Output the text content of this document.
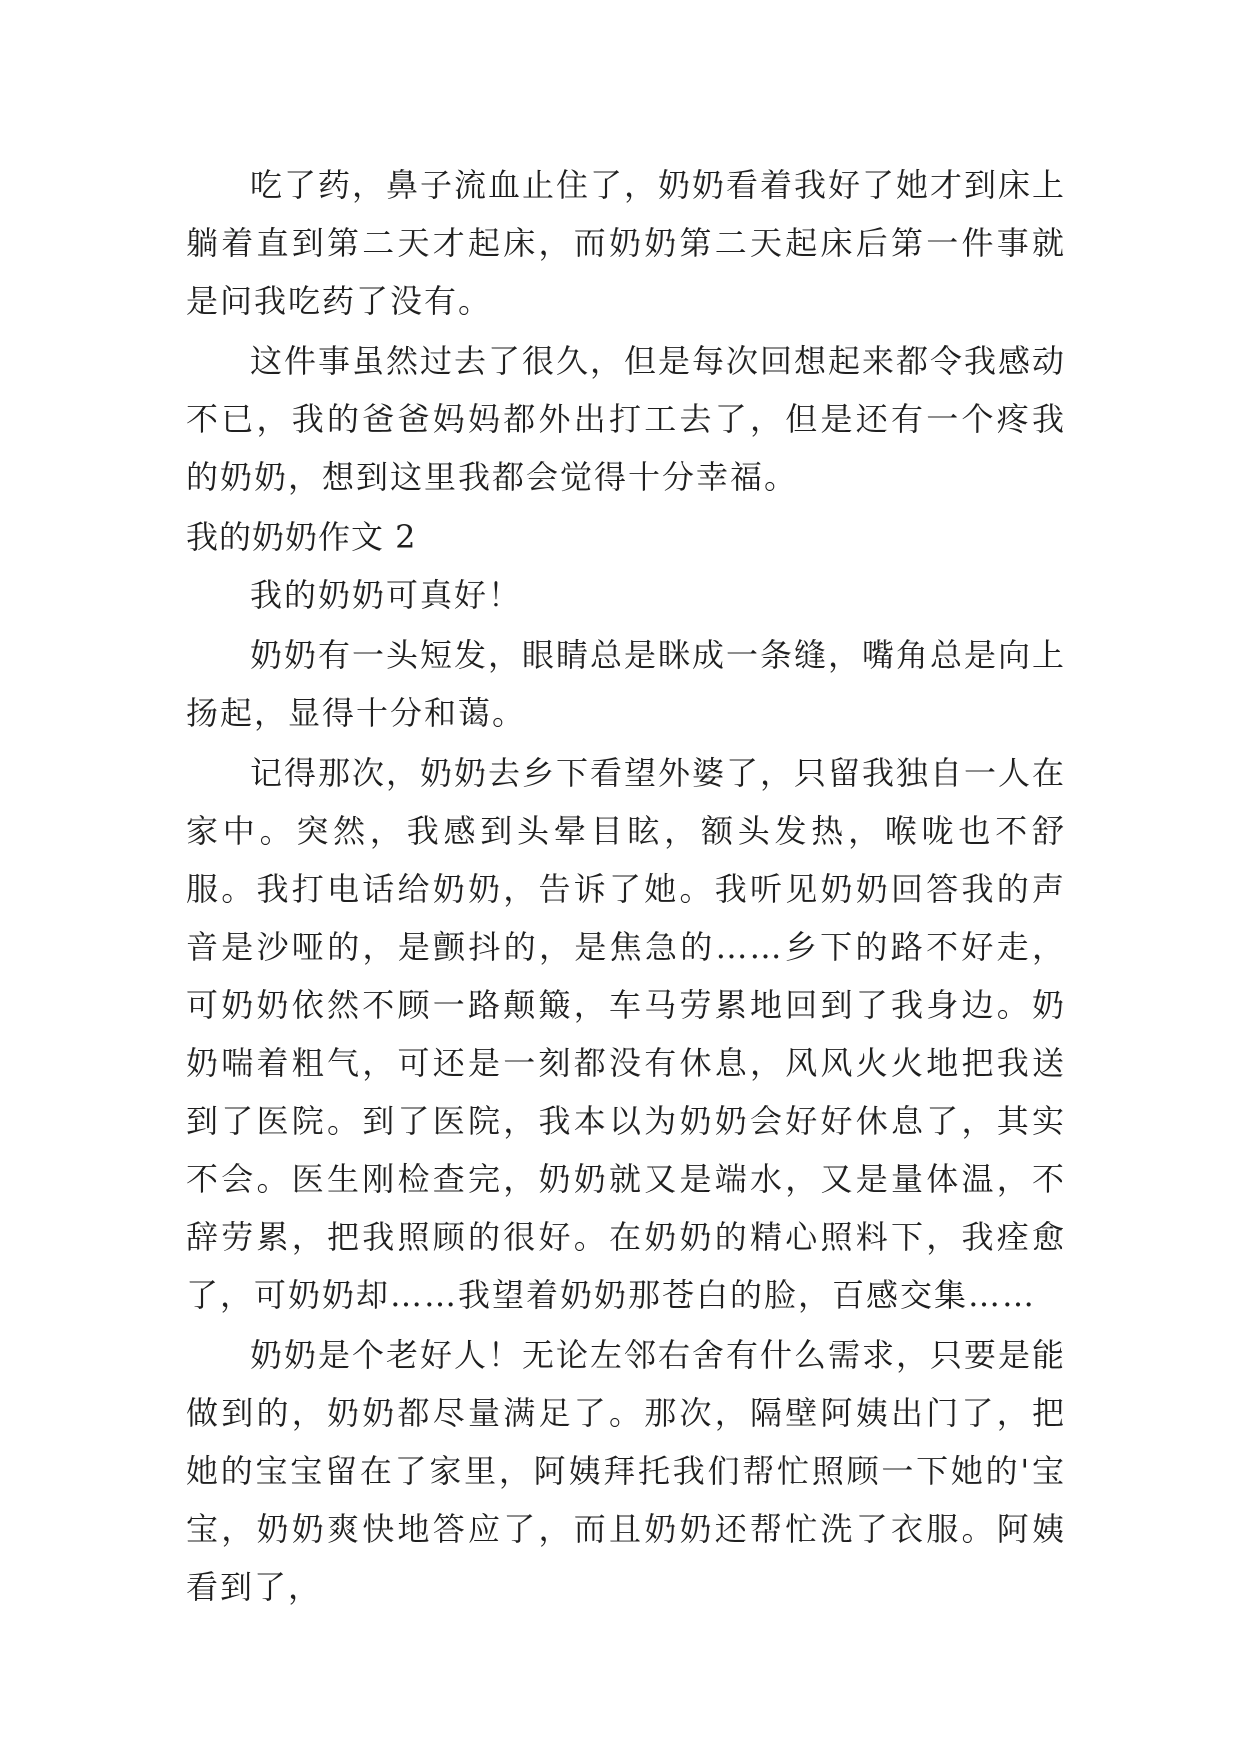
吃了药，鼻子流血止住了，奶奶看着我好了她才到床上躺着直到第二天才起床，而奶奶第二天起床后第一件事就是问我吃药了没有。

这件事虽然过去了很久，但是每次回想起来都令我感动不已，我的爸爸妈妈都外出打工去了，但是还有一个疼我的奶奶，想到这里我都会觉得十分幸福。

我的奶奶作文 2

我的奶奶可真好！

奶奶有一头短发，眼睛总是眯成一条缝，嘴角总是向上扬起，显得十分和蔼。

记得那次，奶奶去乡下看望外婆了，只留我独自一人在家中。突然，我感到头晕目眩，额头发热，喉咙也不舒服。我打电话给奶奶，告诉了她。我听见奶奶回答我的声音是沙哑的，是颤抖的，是焦急的……乡下的路不好走，可奶奶依然不顾一路颠簸，车马劳累地回到了我身边。奶奶喘着粗气，可还是一刻都没有休息，风风火火地把我送到了医院。到了医院，我本以为奶奶会好好休息了，其实不会。医生刚检查完，奶奶就又是端水，又是量体温，不辞劳累，把我照顾的很好。在奶奶的精心照料下，我痊愈了，可奶奶却……我望着奶奶那苍白的脸，百感交集……

奶奶是个老好人！无论左邻右舍有什么需求，只要是能做到的，奶奶都尽量满足了。那次，隔壁阿姨出门了，把她的宝宝留在了家里，阿姨拜托我们帮忙照顾一下她的'宝宝，奶奶爽快地答应了，而且奶奶还帮忙洗了衣服。阿姨看到了，
